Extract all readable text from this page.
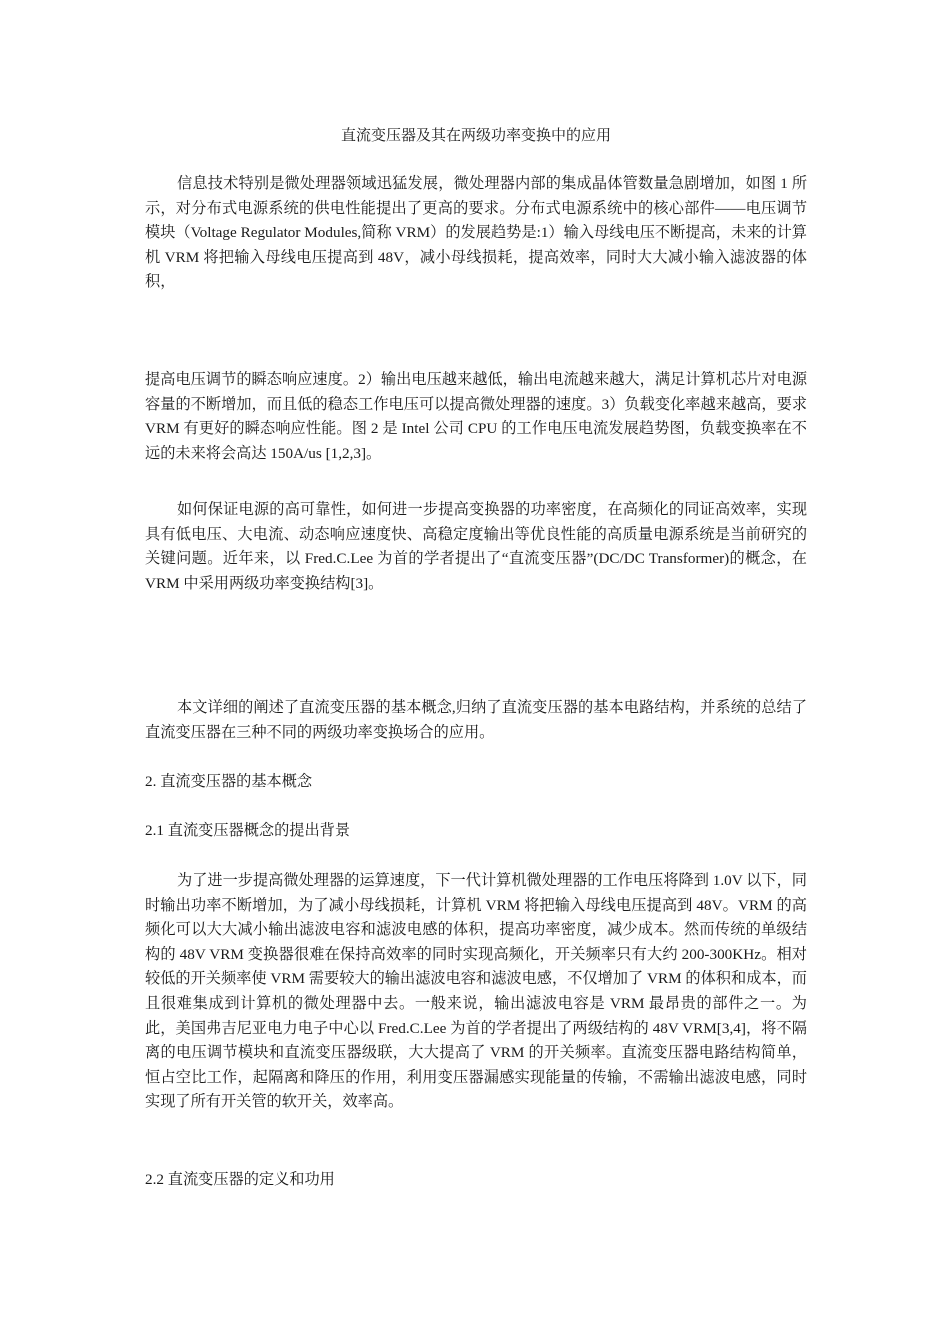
直流变压器及其在两级功率变换中的应用

信息技术特别是微处理器领域迅猛发展，微处理器内部的集成晶体管数量急剧增加，如图 1 所示，对分布式电源系统的供电性能提出了更高的要求。分布式电源系统中的核心部件——电压调节模块（Voltage Regulator Modules,简称 VRM）的发展趋势是:1）输入母线电压不断提高，未来的计算机 VRM 将把输入母线电压提高到 48V，减小母线损耗，提高效率，同时大大减小输入滤波器的体积，

提高电压调节的瞬态响应速度。2）输出电压越来越低，输出电流越来越大，满足计算机芯片对电源容量的不断增加，而且低的稳态工作电压可以提高微处理器的速度。3）负载变化率越来越高，要求 VRM 有更好的瞬态响应性能。图 2 是 Intel 公司 CPU 的工作电压电流发展趋势图，负载变换率在不远的未来将会高达 150A/us [1,2,3]。

如何保证电源的高可靠性，如何进一步提高变换器的功率密度，在高频化的同证高效率，实现具有低电压、大电流、动态响应速度快、高稳定度输出等优良性能的高质量电源系统是当前研究的关键问题。近年来，以 Fred.C.Lee 为首的学者提出了“直流变压器”(DC/DC Transformer)的概念，在 VRM 中采用两级功率变换结构[3]。

本文详细的阐述了直流变压器的基本概念,归纳了直流变压器的基本电路结构，并系统的总结了直流变压器在三种不同的两级功率变换场合的应用。

2. 直流变压器的基本概念
2.1 直流变压器概念的提出背景

为了进一步提高微处理器的运算速度，下一代计算机微处理器的工作电压将降到 1.0V 以下，同时输出功率不断增加，为了减小母线损耗，计算机 VRM 将把输入母线电压提高到 48V。VRM 的高频化可以大大减小输出滤波电容和滤波电感的体积，提高功率密度，减少成本。然而传统的单级结构的 48V VRM 变换器很难在保持高效率的同时实现高频化，开关频率只有大约 200-300KHz。相对较低的开关频率使 VRM 需要较大的输出滤波电容和滤波电感，不仅增加了 VRM 的体积和成本，而且很难集成到计算机的微处理器中去。一般来说，输出滤波电容是 VRM 最昂贵的部件之一。为此，美国弗吉尼亚电力电子中心以 Fred.C.Lee 为首的学者提出了两级结构的 48V VRM[3,4]，将不隔离的电压调节模块和直流变压器级联，大大提高了 VRM 的开关频率。直流变压器电路结构简单，恒占空比工作，起隔离和降压的作用，利用变压器漏感实现能量的传输，不需输出滤波电感，同时实现了所有开关管的软开关，效率高。

2.2 直流变压器的定义和功用
